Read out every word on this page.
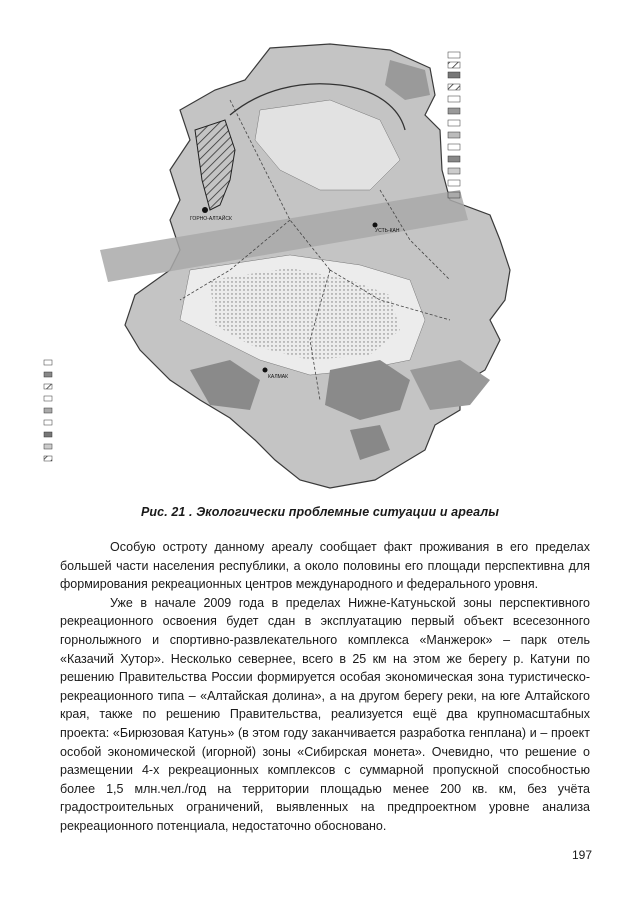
УСТЬ-КАН
КАЛМАК
ГОРНО-АЛТАЙСК
Рис. 21 . Экологически проблемные ситуации и ареалы

Особую остроту данному ареалу сообщает факт проживания в его пределах большей части населения республики, а около половины его площади перспективна для формирования рекреационных центров международного и федерального уровня.

Уже в начале 2009 года в пределах Нижне-Катуньской зоны перспективного рекреационного освоения будет сдан в эксплуатацию первый объект всесезонного горнолыжного и спортивно-развлекательного комплекса «Манжерок» – парк отель «Казачий Хутор». Несколько севернее, всего в 25 км на этом же берегу р. Катуни по решению Правительства России формируется особая экономическая зона туристическо-рекреационного типа – «Алтайская долина», а на другом берегу реки, на юге Алтайского края, также по решению Правительства, реализуется ещё два крупномасштабных проекта: «Бирюзовая Катунь» (в этом году заканчивается разработка генплана) и – проект особой экономической (игорной) зоны «Сибирская монета». Очевидно, что решение о размещении 4-х рекреационных комплексов с суммарной пропускной способностью более 1,5 млн.чел./год на территории площадью менее 200 кв. км, без учёта градостроительных ограничений, выявленных на предпроектном уровне анализа рекреационного потенциала, недостаточно обосновано.

197
